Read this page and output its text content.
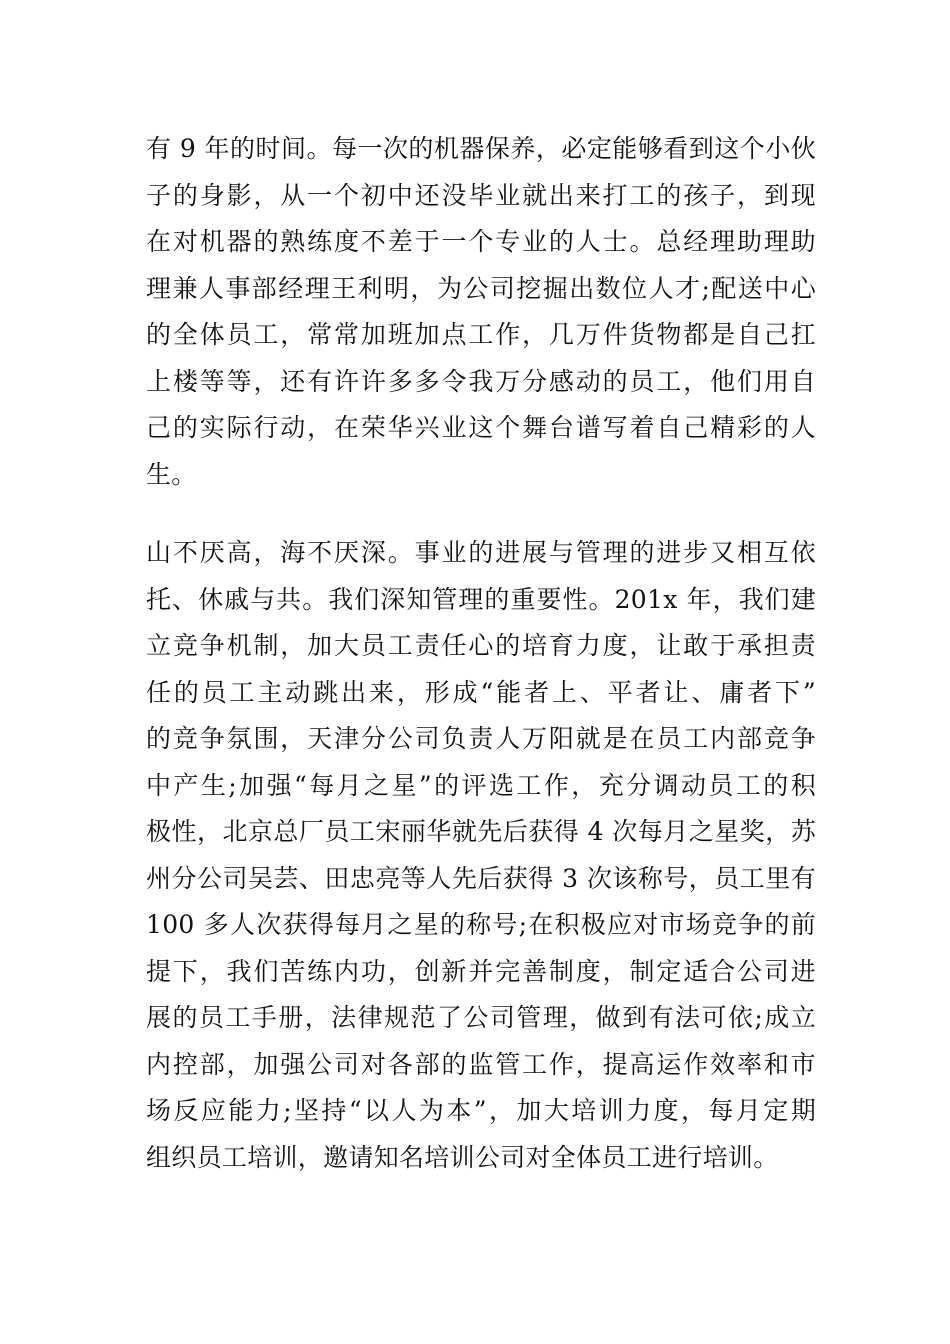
有 9 年的时间。每一次的机器保养，必定能够看到这个小伙
子的身影，从一个初中还没毕业就出来打工的孩子，到现
在对机器的熟练度不差于一个专业的人士。总经理助理助
理兼人事部经理王利明，为公司挖掘出数位人才;配送中心
的全体员工，常常加班加点工作，几万件货物都是自己扛
上楼等等，还有许许多多令我万分感动的员工，他们用自
己的实际行动，在荣华兴业这个舞台谱写着自己精彩的人
生。
山不厌高，海不厌深。事业的进展与管理的进步又相互依
托、休戚与共。我们深知管理的重要性。201x 年，我们建
立竞争机制，加大员工责任心的培育力度，让敢于承担责
任的员工主动跳出来，形成“能者上、平者让、庸者下”
的竞争氛围，天津分公司负责人万阳就是在员工内部竞争
中产生;加强“每月之星”的评选工作，充分调动员工的积
极性，北京总厂员工宋丽华就先后获得 4 次每月之星奖，苏
州分公司吴芸、田忠亮等人先后获得 3 次该称号，员工里有
100 多人次获得每月之星的称号;在积极应对市场竞争的前
提下，我们苦练内功，创新并完善制度，制定适合公司进
展的员工手册，法律规范了公司管理，做到有法可依;成立
内控部，加强公司对各部的监管工作，提高运作效率和市
场反应能力;坚持“以人为本”，加大培训力度，每月定期
组织员工培训，邀请知名培训公司对全体员工进行培训。
